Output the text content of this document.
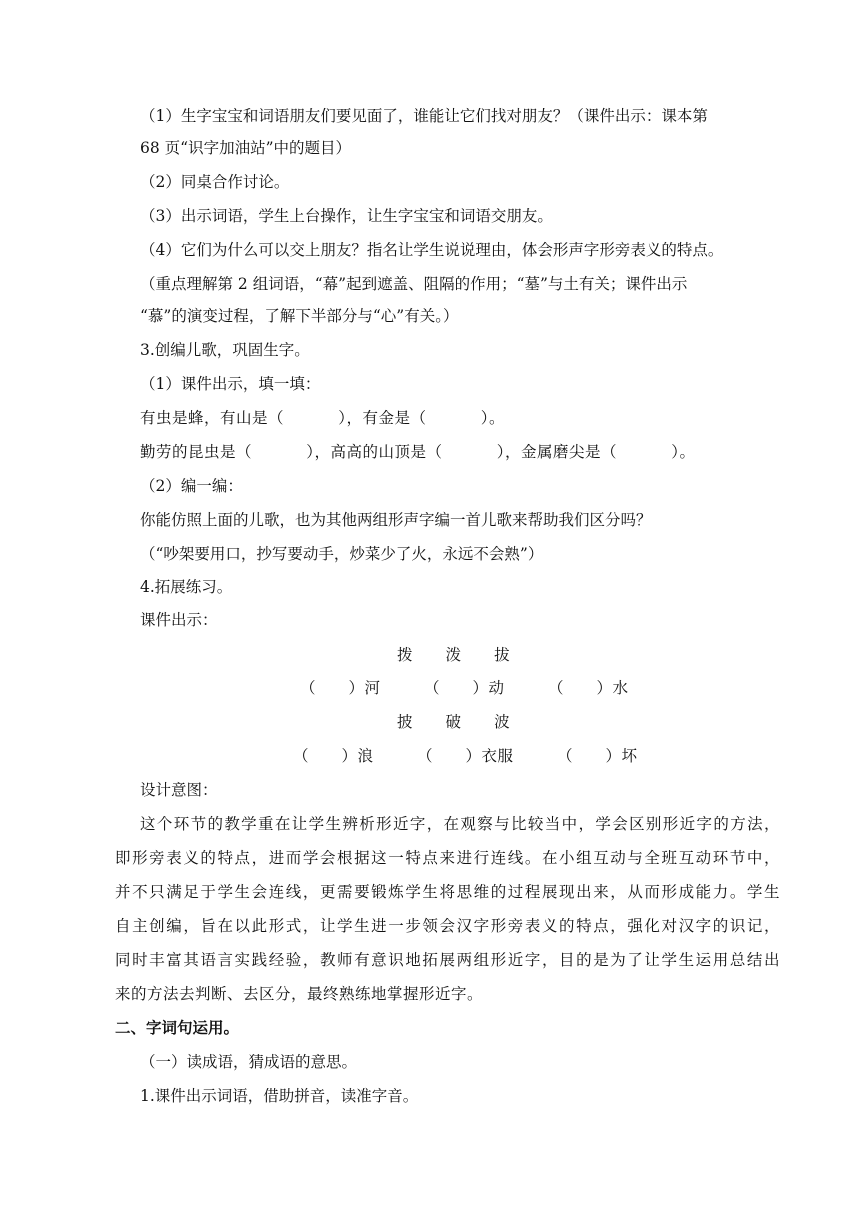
（1）生字宝宝和词语朋友们要见面了，谁能让它们找对朋友？（课件出示：课本第
68 页“识字加油站”中的题目）
（2）同桌合作讨论。
（3）出示词语，学生上台操作，让生字宝宝和词语交朋友。
（4）它们为什么可以交上朋友？指名让学生说说理由，体会形声字形旁表义的特点。
（重点理解第 2 组词语，“幕”起到遮盖、阻隔的作用；“墓”与土有关；课件出示
“慕”的演变过程，了解下半部分与“心”有关。）
3.创编儿歌，巩固生字。
（1）课件出示，填一填：
有虫是蜂，有山是（          ），有金是（          ）。
勤劳的昆虫是（          ），高高的山顶是（          ），金属磨尖是（          ）。
（2）编一编：
你能仿照上面的儿歌，也为其他两组形声字编一首儿歌来帮助我们区分吗？
（“吵架要用口，抄写要动手，炒菜少了火，永远不会熟”）
4.拓展练习。
课件出示：
拨      泼      拔
（      ）河        （      ）动        （      ）水
披      破      波
（      ）浪        （      ）衣服        （      ）坏
设计意图：
这个环节的教学重在让学生辨析形近字，在观察与比较当中，学会区别形近字的方法，
即形旁表义的特点，进而学会根据这一特点来进行连线。在小组互动与全班互动环节中，
并不只满足于学生会连线，更需要锻炼学生将思维的过程展现出来，从而形成能力。学生
自主创编，旨在以此形式，让学生进一步领会汉字形旁表义的特点，强化对汉字的识记，
同时丰富其语言实践经验，教师有意识地拓展两组形近字，目的是为了让学生运用总结出
来的方法去判断、去区分，最终熟练地掌握形近字。
二、字词句运用。
（一）读成语，猜成语的意思。
1.课件出示词语，借助拼音，读准字音。
